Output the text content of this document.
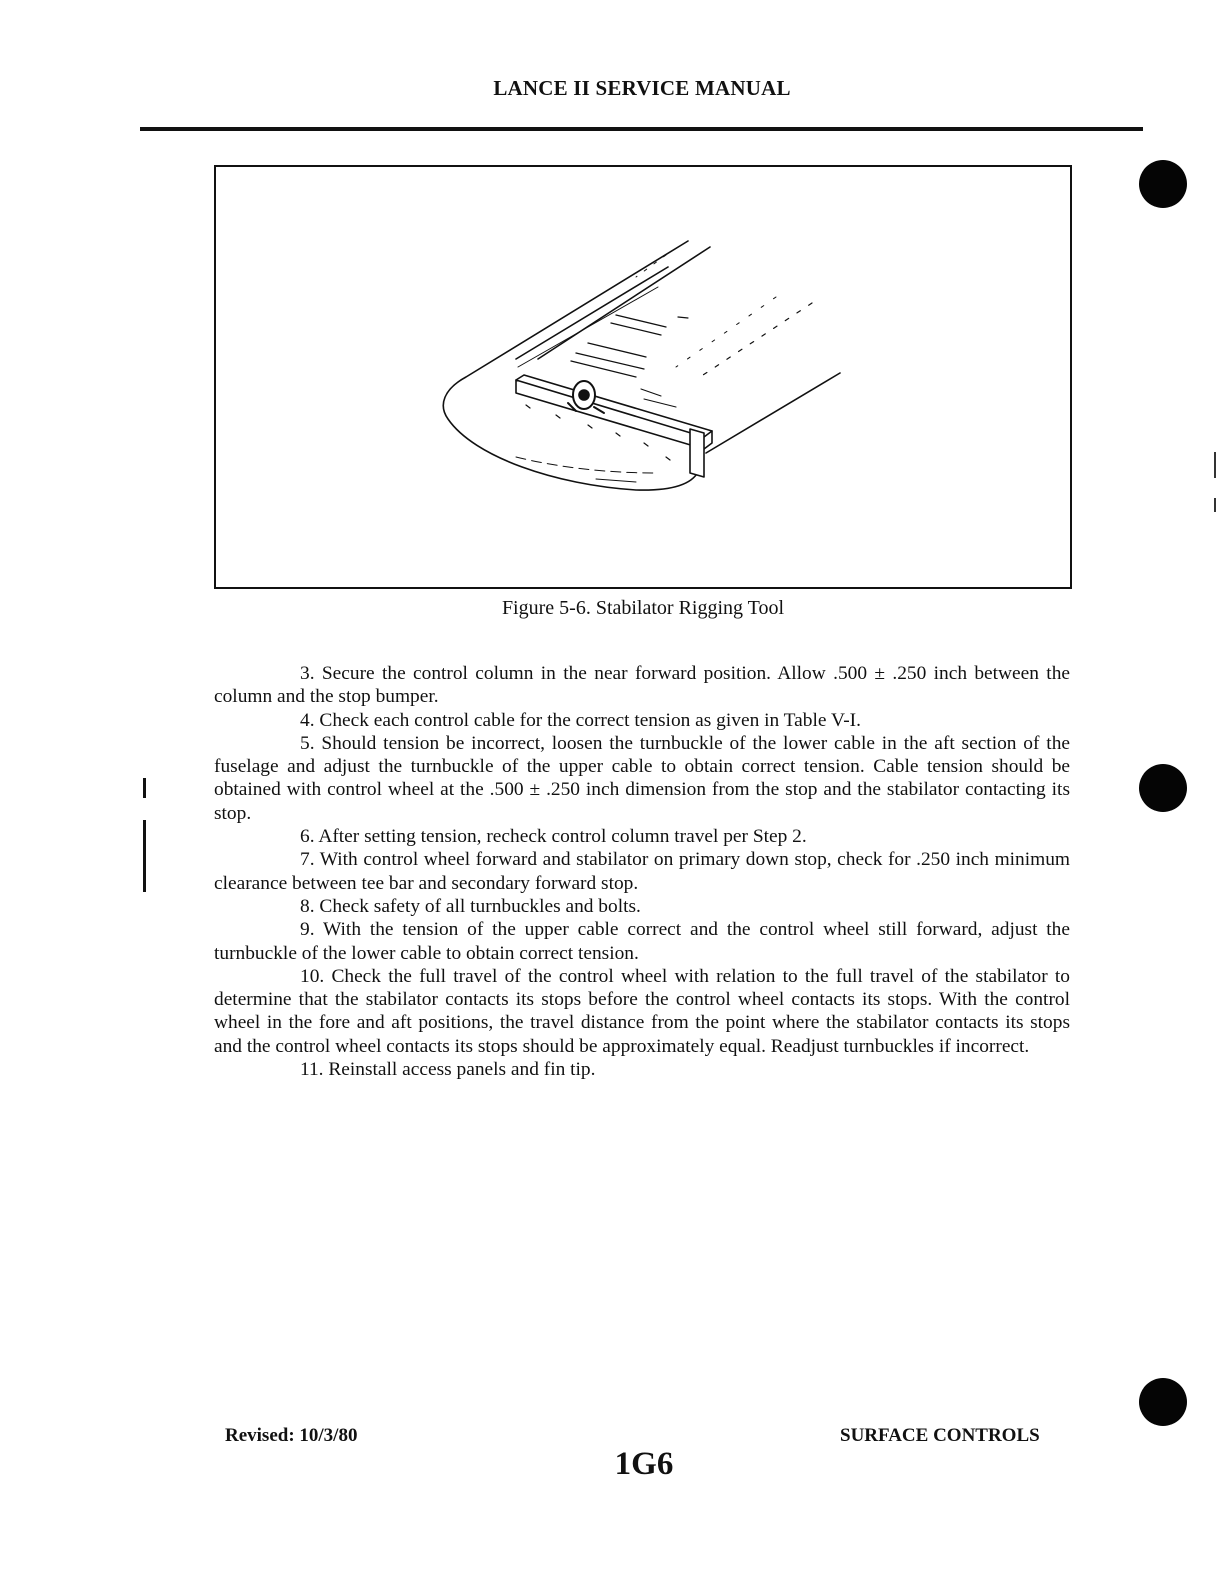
LANCE II SERVICE MANUAL
Figure 5-6. Stabilator Rigging Tool

3. Secure the control column in the near forward position. Allow .500 ± .250 inch between the column and the stop bumper.

4. Check each control cable for the correct tension as given in Table V-I.

5. Should tension be incorrect, loosen the turnbuckle of the lower cable in the aft section of the fuselage and adjust the turnbuckle of the upper cable to obtain correct tension. Cable tension should be obtained with control wheel at the .500 ± .250 inch dimension from the stop and the stabilator contacting its stop.

6. After setting tension, recheck control column travel per Step 2.

7. With control wheel forward and stabilator on primary down stop, check for .250 inch minimum clearance between tee bar and secondary forward stop.

8. Check safety of all turnbuckles and bolts.

9. With the tension of the upper cable correct and the control wheel still forward, adjust the turnbuckle of the lower cable to obtain correct tension.

10. Check the full travel of the control wheel with relation to the full travel of the stabilator to determine that the stabilator contacts its stops before the control wheel contacts its stops. With the control wheel in the fore and aft positions, the travel distance from the point where the stabilator contacts its stops and the control wheel contacts its stops should be approximately equal. Readjust turnbuckles if incorrect.

11. Reinstall access panels and fin tip.

Revised: 10/3/80	SURFACE CONTROLS
1G6
